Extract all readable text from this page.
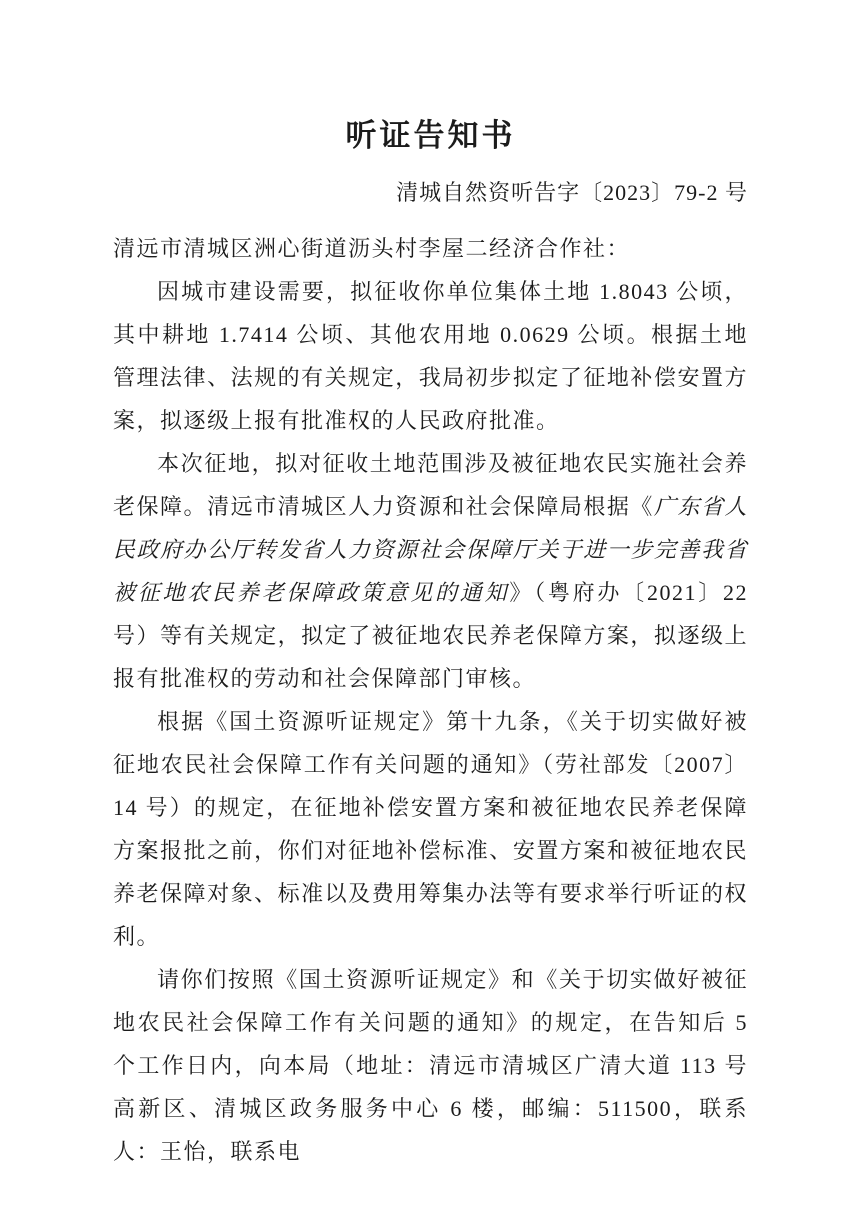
听证告知书
清城自然资听告字〔2023〕79-2 号
清远市清城区洲心街道沥头村李屋二经济合作社：

因城市建设需要，拟征收你单位集体土地 1.8043 公顷，其中耕地 1.7414 公顷、其他农用地 0.0629 公顷。根据土地管理法律、法规的有关规定，我局初步拟定了征地补偿安置方案，拟逐级上报有批准权的人民政府批准。

本次征地，拟对征收土地范围涉及被征地农民实施社会养老保障。清远市清城区人力资源和社会保障局根据《广东省人民政府办公厅转发省人力资源社会保障厅关于进一步完善我省被征地农民养老保障政策意见的通知》（粤府办〔2021〕22 号）等有关规定，拟定了被征地农民养老保障方案，拟逐级上报有批准权的劳动和社会保障部门审核。

根据《国土资源听证规定》第十九条，《关于切实做好被征地农民社会保障工作有关问题的通知》（劳社部发〔2007〕14 号）的规定，在征地补偿安置方案和被征地农民养老保障方案报批之前，你们对征地补偿标准、安置方案和被征地农民养老保障对象、标准以及费用筹集办法等有要求举行听证的权利。

请你们按照《国土资源听证规定》和《关于切实做好被征地农民社会保障工作有关问题的通知》的规定，在告知后 5 个工作日内，向本局（地址：清远市清城区广清大道 113 号高新区、清城区政务服务中心 6 楼，邮编：511500，联系人：王怡，联系电
